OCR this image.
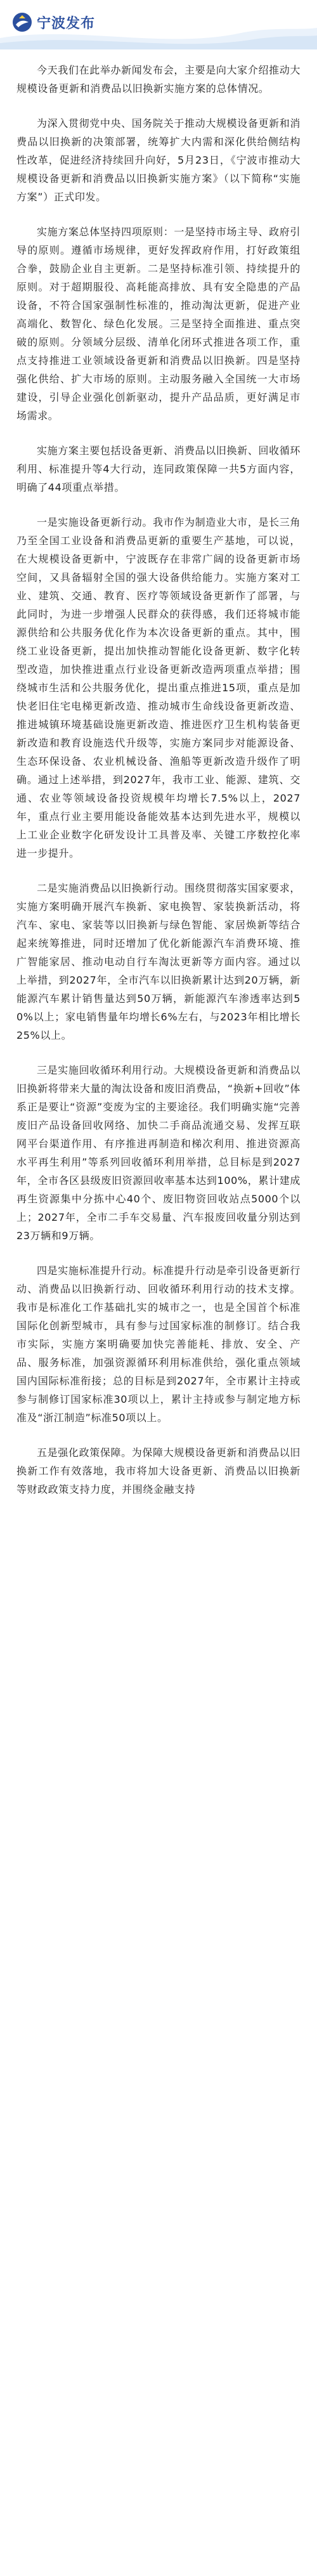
宁波发布

今天我们在此举办新闻发布会，主要是向大家介绍推动大规模设备更新和消费品以旧换新实施方案的总体情况。

为深入贯彻党中央、国务院关于推动大规模设备更新和消费品以旧换新的决策部署，统筹扩大内需和深化供给侧结构性改革，促进经济持续回升向好，5月23日，《宁波市推动大规模设备更新和消费品以旧换新实施方案》（以下简称“实施方案”）正式印发。

实施方案总体坚持四项原则：一是坚持市场主导、政府引导的原则。遵循市场规律，更好发挥政府作用，打好政策组合拳，鼓励企业自主更新。二是坚持标准引领、持续提升的原则。对于超期服役、高耗能高排放、具有安全隐患的产品设备，不符合国家强制性标准的，推动淘汰更新，促进产业高端化、数智化、绿色化发展。三是坚持全面推进、重点突破的原则。分领域分层级、清单化闭环式推进各项工作，重点支持推进工业领域设备更新和消费品以旧换新。四是坚持强化供给、扩大市场的原则。主动服务融入全国统一大市场建设，引导企业强化创新驱动，提升产品品质，更好满足市场需求。

实施方案主要包括设备更新、消费品以旧换新、回收循环利用、标准提升等4大行动，连同政策保障一共5方面内容，明确了44项重点举措。

一是实施设备更新行动。我市作为制造业大市，是长三角乃至全国工业设备和消费品更新的重要生产基地，可以说，在大规模设备更新中，宁波既存在非常广阔的设备更新市场空间，又具备辐射全国的强大设备供给能力。实施方案对工业、建筑、交通、教育、医疗等领域设备更新作了部署，与此同时，为进一步增强人民群众的获得感，我们还将城市能源供给和公共服务优化作为本次设备更新的重点。其中，围绕工业设备更新，提出加快推动智能化设备更新、数字化转型改造，加快推进重点行业设备更新改造两项重点举措；围绕城市生活和公共服务优化，提出重点推进15项，重点是加快老旧住宅电梯更新改造、推动城市生命线设备更新改造、推进城镇环境基础设施更新改造、推进医疗卫生机构装备更新改造和教育设施迭代升级等，实施方案同步对能源设备、生态环保设备、农业机械设备、渔船等更新改造升级作了明确。通过上述举措，到2027年，我市工业、能源、建筑、交通、农业等领域设备投资规模年均增长7.5%以上，2027年，重点行业主要用能设备能效基本达到先进水平，规模以上工业企业数字化研发设计工具普及率、关键工序数控化率进一步提升。

二是实施消费品以旧换新行动。围绕贯彻落实国家要求，实施方案明确开展汽车换新、家电换智、家装换新活动，将汽车、家电、家装等以旧换新与绿色智能、家居焕新等结合起来统筹推进，同时还增加了优化新能源汽车消费环境、推广智能家居、推动电动自行车淘汰更新等方面内容。通过以上举措，到2027年，全市汽车以旧换新累计达到20万辆，新能源汽车累计销售量达到50万辆，新能源汽车渗透率达到50%以上；家电销售量年均增长6%左右，与2023年相比增长25%以上。

三是实施回收循环利用行动。大规模设备更新和消费品以旧换新将带来大量的淘汰设备和废旧消费品，“换新+回收”体系正是要让“资源”变废为宝的主要途径。我们明确实施“完善废旧产品设备回收网络、加快二手商品流通交易、发挥互联网平台渠道作用、有序推进再制造和梯次利用、推进资源高水平再生利用”等系列回收循环利用举措，总目标是到2027年，全市各区县级废旧资源回收率基本达到100%，累计建成再生资源集中分拣中心40个、废旧物资回收站点5000个以上；2027年，全市二手车交易量、汽车报废回收量分别达到23万辆和9万辆。

四是实施标准提升行动。标准提升行动是牵引设备更新行动、消费品以旧换新行动、回收循环利用行动的技术支撑。我市是标准化工作基础扎实的城市之一，也是全国首个标准国际化创新型城市，具有参与过国家标准的制修订。结合我市实际，实施方案明确要加快完善能耗、排放、安全、产品、服务标准，加强资源循环利用标准供给，强化重点领域国内国际标准衔接；总的目标是到2027年，全市累计主持或参与制修订国家标准30项以上，累计主持或参与制定地方标准及“浙江制造”标准50项以上。

五是强化政策保障。为保障大规模设备更新和消费品以旧换新工作有效落地，我市将加大设备更新、消费品以旧换新等财政政策支持力度，并围绕金融支持
